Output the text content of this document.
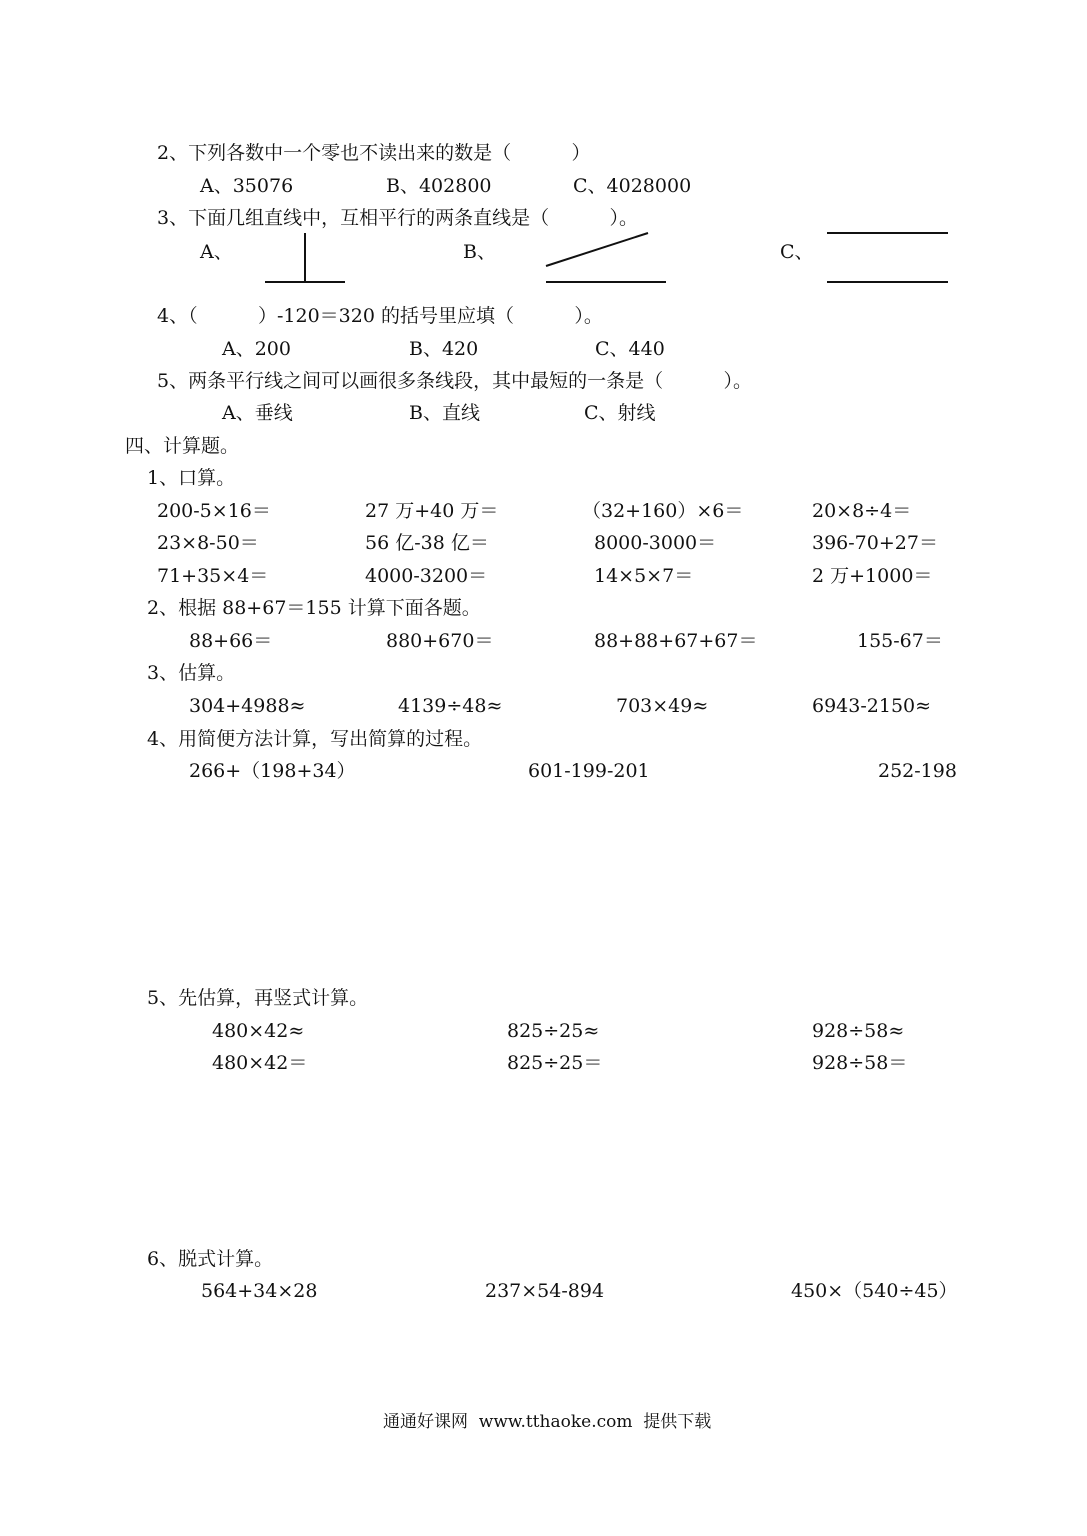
2、下列各数中一个零也不读出来的数是（          ）
A、35076	B、402800	C、4028000
3、下面几组直线中，互相平行的两条直线是（          ）。
A、	B、	C、
4、（          ）-120＝320 的括号里应填（          ）。
A、200	B、420	C、440
5、两条平行线之间可以画很多条线段，其中最短的一条是（          ）。
A、垂线	B、直线	C、射线
四、计算题。
1、口算。
200-5×16＝	27 万+40 万＝	（32+160）×6＝	20×8÷4＝
23×8-50＝	56 亿-38 亿＝	8000-3000＝	396-70+27＝
71+35×4＝	4000-3200＝	14×5×7＝	2 万+1000＝
2、根据 88+67＝155 计算下面各题。
88+66＝	880+670＝	88+88+67+67＝	155-67＝
3、估算。
304+4988≈	4139÷48≈	703×49≈	6943-2150≈
4、用简便方法计算，写出简算的过程。
266+（198+34）	601-199-201	252-198
5、先估算，再竖式计算。
480×42≈	825÷25≈	928÷58≈
480×42＝	825÷25＝	928÷58＝
6、脱式计算。
564+34×28	237×54-894	450×（540÷45）
通通好课网  www.tthaoke.com  提供下载
